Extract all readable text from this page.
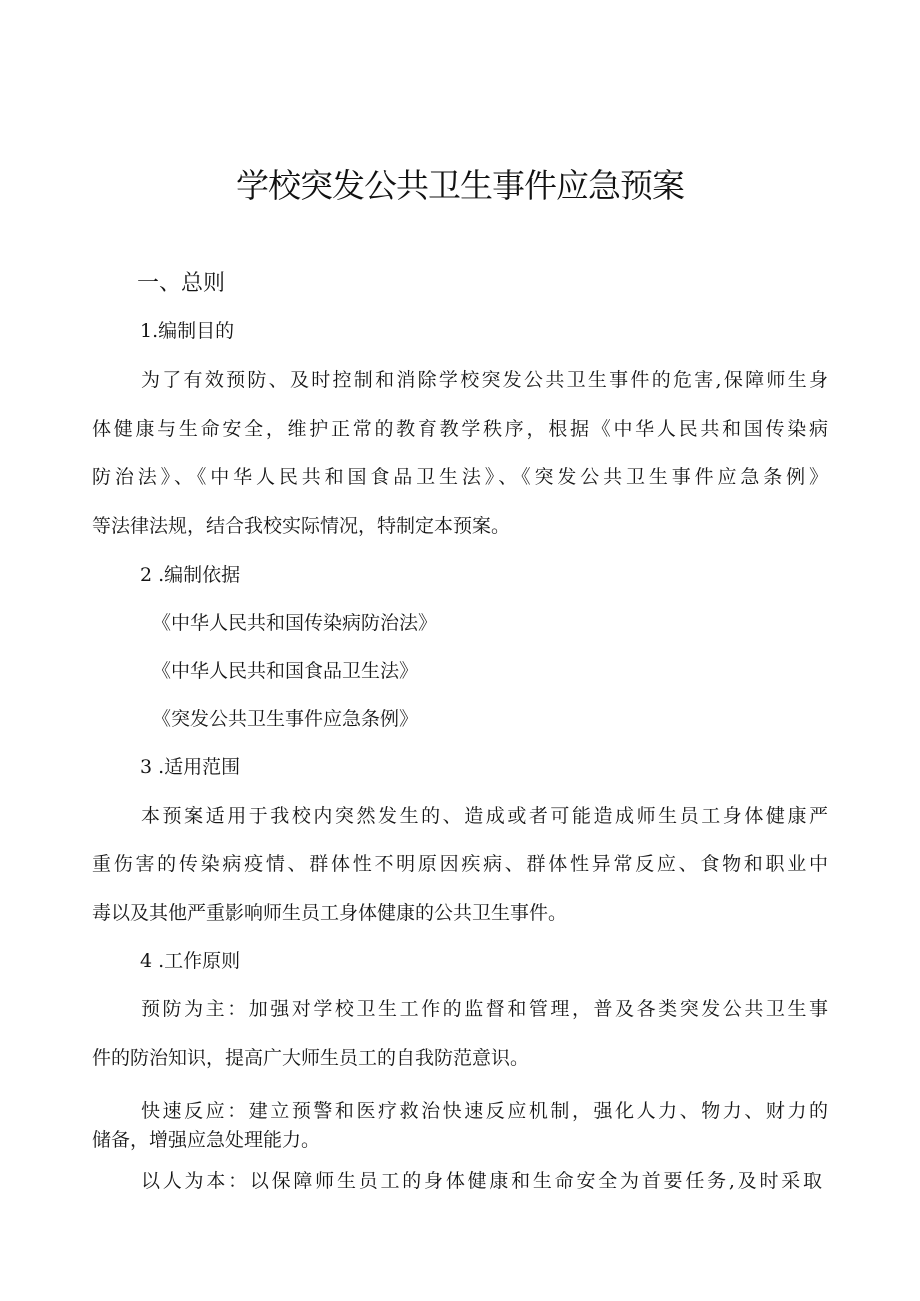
学校突发公共卫生事件应急预案
一、总则
1.编制目的
为了有效预防、及时控制和消除学校突发公共卫生事件的危害,保障师生身
体健康与生命安全，维护正常的教育教学秩序，根据《中华人民共和国传染病
防治法》、《中华人民共和国食品卫生法》、《突发公共卫生事件应急条例》
等法律法规，结合我校实际情况，特制定本预案。
2 .编制依据
《中华人民共和国传染病防治法》
《中华人民共和国食品卫生法》
《突发公共卫生事件应急条例》
3 .适用范围
本预案适用于我校内突然发生的、造成或者可能造成师生员工身体健康严
重伤害的传染病疫情、群体性不明原因疾病、群体性异常反应、食物和职业中
毒以及其他严重影响师生员工身体健康的公共卫生事件。
4 .工作原则
预防为主：加强对学校卫生工作的监督和管理，普及各类突发公共卫生事
件的防治知识，提高广大师生员工的自我防范意识。
快速反应：建立预警和医疗救治快速反应机制，强化人力、物力、财力的
储备，增强应急处理能力。
以人为本：以保障师生员工的身体健康和生命安全为首要任务,及时采取
